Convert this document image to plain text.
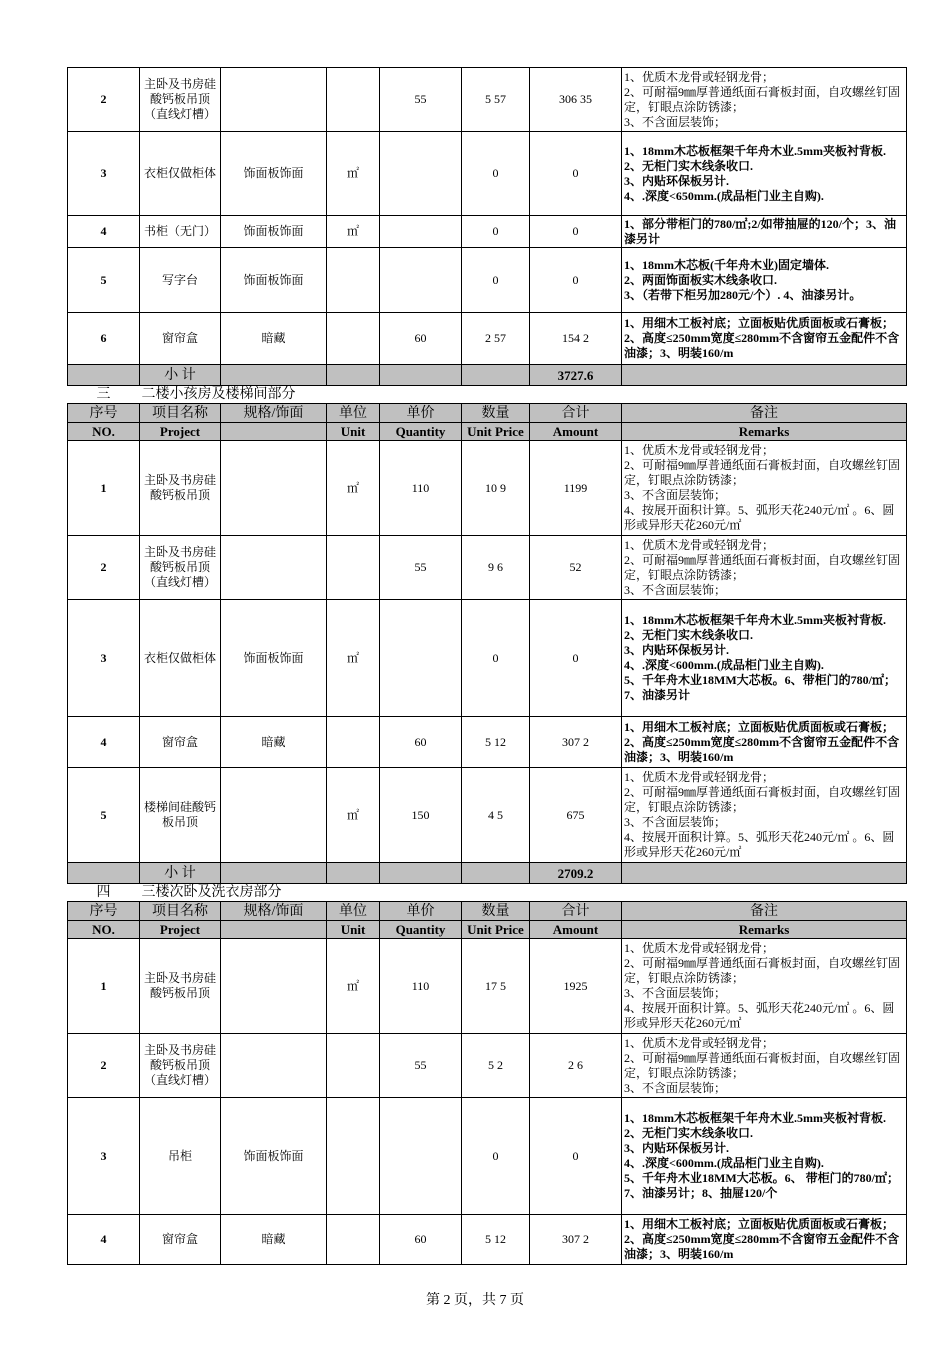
2	主卧及书房硅酸钙板吊顶（直线灯槽）			55	5 57	306 35	1、优质木龙骨或轻钢龙骨；
2、可耐福9㎜厚普通纸面石膏板封面，自攻螺丝钉固定，钉眼点涂防锈漆；
3、不含面层装饰；
3	衣柜仅做柜体	饰面板饰面	㎡		0	0	1、18mm木芯板框架千年舟木业.5mm夹板衬背板.
2、无柜门实木线条收口.
3、内贴环保板另计.
4、.深度<650mm.(成品柜门业主自购).
4	书柜（无门）	饰面板饰面	㎡		0	0	1、部分带柜门的780/㎡;2/如带抽屉的120/个；3、油漆另计
5	写字台	饰面板饰面			0	0	1、18mm木芯板(千年舟木业)固定墙体.
2、两面饰面板实木线条收口.
3、（若带下柜另加280元/个）. 4、油漆另计。
6	窗帘盒	暗藏		60	2 57	154 2	1、用细木工板衬底；立面板贴优质面板或石膏板；2、高度≤250mm宽度≤280mm不含窗帘五金配件不含油漆；3、明装160/m
	小 计					3727.6	
三	二楼小孩房及楼梯间部分						
序号	项目名称	规格/饰面	单位	单价	数量	合计	备注
NO.	Project		Unit	Quantity	Unit Price	Amount	Remarks
1	主卧及书房硅酸钙板吊顶		㎡	110	10 9	1199	1、优质木龙骨或轻钢龙骨；
2、可耐福9㎜厚普通纸面石膏板封面，自攻螺丝钉固定，钉眼点涂防锈漆；
3、不含面层装饰；
4、按展开面积计算。5、弧形天花240元/㎡ 。6、圆形或异形天花260元/㎡
2	主卧及书房硅酸钙板吊顶（直线灯槽）			55	9 6	52	1、优质木龙骨或轻钢龙骨；
2、可耐福9㎜厚普通纸面石膏板封面，自攻螺丝钉固定，钉眼点涂防锈漆；
3、不含面层装饰；
3	衣柜仅做柜体	饰面板饰面	㎡		0	0	1、18mm木芯板框架千年舟木业.5mm夹板衬背板.
2、无柜门实木线条收口.
3、内贴环保板另计.
4、.深度<600mm.(成品柜门业主自购).
5、千年舟木业18MM大芯板。6、带柜门的780/㎡；7、油漆另计
4	窗帘盒	暗藏		60	5 12	307 2	1、用细木工板衬底；立面板贴优质面板或石膏板；2、高度≤250mm宽度≤280mm不含窗帘五金配件不含油漆；3、明装160/m
5	楼梯间硅酸钙板吊顶		㎡	150	4 5	675	1、优质木龙骨或轻钢龙骨；
2、可耐福9㎜厚普通纸面石膏板封面，自攻螺丝钉固定，钉眼点涂防锈漆；
3、不含面层装饰；
4、按展开面积计算。5、弧形天花240元/㎡ 。6、圆形或异形天花260元/㎡
	小 计					2709.2	
四	三楼次卧及洗衣房部分						
序号	项目名称	规格/饰面	单位	单价	数量	合计	备注
NO.	Project		Unit	Quantity	Unit Price	Amount	Remarks
1	主卧及书房硅酸钙板吊顶		㎡	110	17 5	1925	1、优质木龙骨或轻钢龙骨；
2、可耐福9㎜厚普通纸面石膏板封面，自攻螺丝钉固定，钉眼点涂防锈漆；
3、不含面层装饰；
4、按展开面积计算。5、弧形天花240元/㎡ 。6、圆形或异形天花260元/㎡
2	主卧及书房硅酸钙板吊顶（直线灯槽）			55	5 2	2 6	1、优质木龙骨或轻钢龙骨；
2、可耐福9㎜厚普通纸面石膏板封面，自攻螺丝钉固定，钉眼点涂防锈漆；
3、不含面层装饰；
3	吊柜	饰面板饰面			0	0	1、18mm木芯板框架千年舟木业.5mm夹板衬背板.
2、无柜门实木线条收口.
3、内贴环保板另计.
4、.深度<600mm.(成品柜门业主自购).
5、千年舟木业18MM大芯板。6、 带柜门的780/㎡；7、油漆另计；8、抽屉120/个
4	窗帘盒	暗藏		60	5 12	307 2	1、用细木工板衬底；立面板贴优质面板或石膏板；2、高度≤250mm宽度≤280mm不含窗帘五金配件不含油漆；3、明装160/m
第 2 页，共 7 页
